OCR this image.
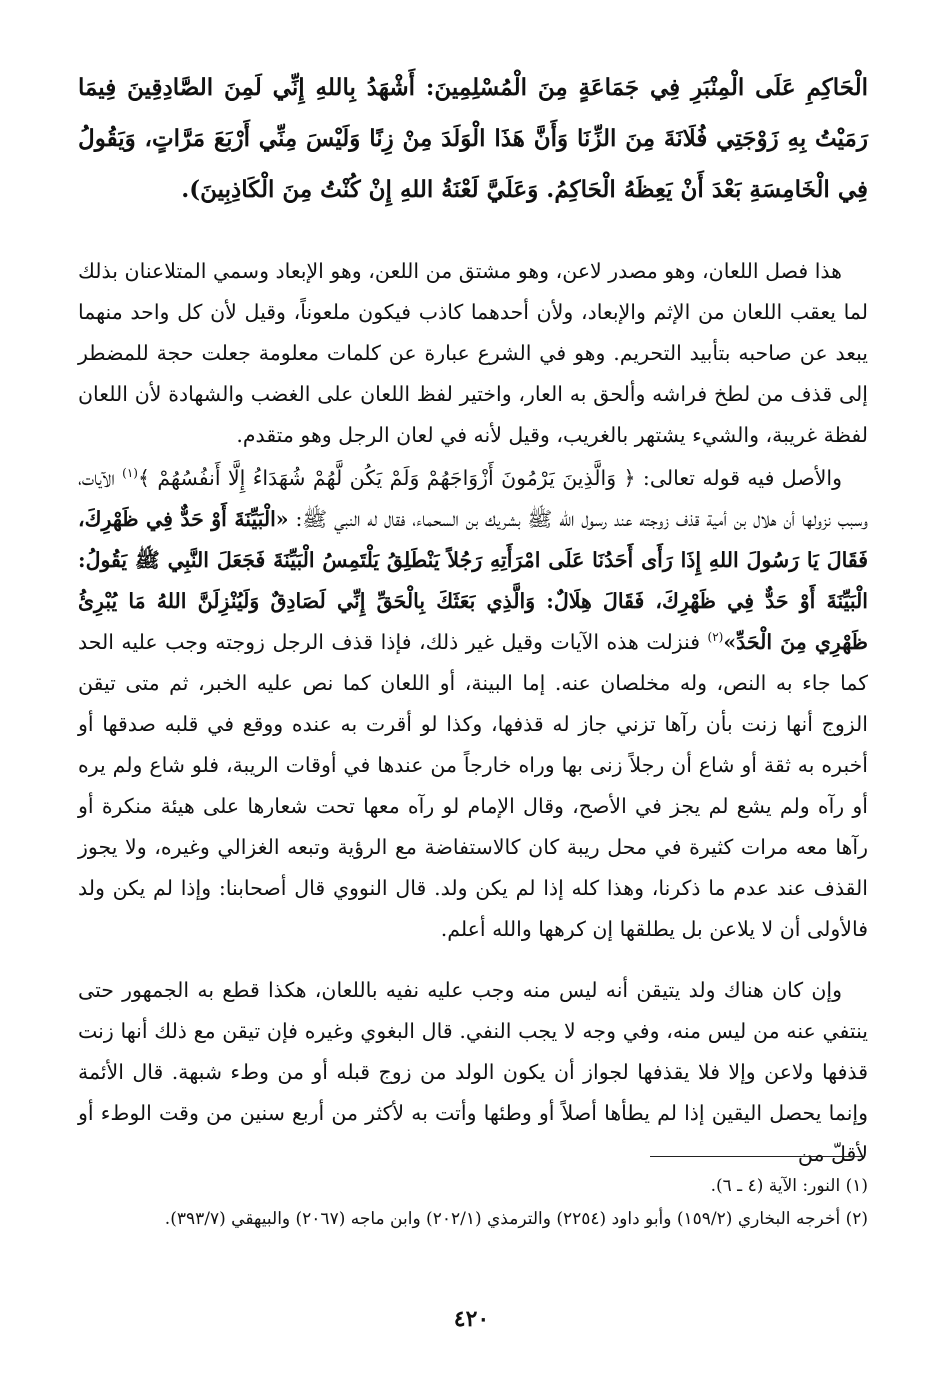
الْحَاكِمِ عَلَى الْمِنْبَرِ فِي جَمَاعَةٍ مِنَ الْمُسْلِمِينَ: أَشْهَدُ بِاللهِ إِنِّي لَمِنَ الصَّادِقِينَ فِيمَا رَمَيْتُ بِهِ زَوْجَتِي فُلَانَةَ مِنَ الزِّنَا وَأَنَّ هَذَا الْوَلَدَ مِنْ زِنًا وَلَيْسَ مِنِّي أَرْبَعَ مَرَّاتٍ، وَيَقُولُ فِي الْخَامِسَةِ بَعْدَ أَنْ يَعِظَهُ الْحَاكِمُ. وَعَلَيَّ لَعْنَةُ اللهِ إِنْ كُنْتُ مِنَ الْكَاذِبِينَ).

هذا فصل اللعان، وهو مصدر لاعن، وهو مشتق من اللعن، وهو الإبعاد وسمي المتلاعنان بذلك لما يعقب اللعان من الإثم والإبعاد، ولأن أحدهما كاذب فيكون ملعوناً، وقيل لأن كل واحد منهما يبعد عن صاحبه بتأبيد التحريم. وهو في الشرع عبارة عن كلمات معلومة جعلت حجة للمضطر إلى قذف من لطخ فراشه وألحق به العار، واختير لفظ اللعان على الغضب والشهادة لأن اللعان لفظة غريبة، والشيء يشتهر بالغريب، وقيل لأنه في لعان الرجل وهو متقدم.

والأصل فيه قوله تعالى: ﴿ وَالَّذِينَ يَرْمُونَ أَزْوَاجَهُمْ وَلَمْ يَكُن لَّهُمْ شُهَدَاءُ إِلَّا أَنفُسُهُمْ ﴾$^{(١)}$ الآيات، وسبب نزولها أن هلال بن أمية قذف زوجته عند رسول الله ﷺ بشريك بن السحماء، فقال له النبي ﷺ: «الْبَيِّنَةَ أَوْ حَدٌّ فِي ظَهْرِكَ، فَقَالَ يَا رَسُولَ اللهِ إِذَا رَأَى أَحَدُنَا عَلَى امْرَأَتِهِ رَجُلاً يَنْطَلِقُ يَلْتَمِسُ الْبَيِّنَةَ فَجَعَلَ النَّبِي ﷺ يَقُولُ: الْبَيِّنَةَ أَوْ حَدٌّ فِي ظَهْرِكَ، فَقَالَ هِلَالٌ: وَالَّذِي بَعَثَكَ بِالْحَقِّ إِنِّي لَصَادِقٌ وَلَيُنْزِلَنَّ اللهُ مَا يُبْرِئُ ظَهْرِي مِنَ الْحَدِّ»$^{(٢)}$ فنزلت هذه الآيات وقيل غير ذلك، فإذا قذف الرجل زوجته وجب عليه الحد كما جاء به النص، وله مخلصان عنه. إما البينة، أو اللعان كما نص عليه الخبر، ثم متى تيقن الزوج أنها زنت بأن رآها تزني جاز له قذفها، وكذا لو أقرت به عنده ووقع في قلبه صدقها أو أخبره به ثقة أو شاع أن رجلاً زنى بها وراه خارجاً من عندها في أوقات الريبة، فلو شاع ولم يره أو رآه ولم يشع لم يجز في الأصح، وقال الإمام لو رآه معها تحت شعارها على هيئة منكرة أو رآها معه مرات كثيرة في محل ريبة كان كالاستفاضة مع الرؤية وتبعه الغزالي وغيره، ولا يجوز القذف عند عدم ما ذكرنا، وهذا كله إذا لم يكن ولد. قال النووي قال أصحابنا: وإذا لم يكن ولد فالأولى أن لا يلاعن بل يطلقها إن كرهها والله أعلم.

وإن كان هناك ولد يتيقن أنه ليس منه وجب عليه نفيه باللعان، هكذا قطع به الجمهور حتى ينتفي عنه من ليس منه، وفي وجه لا يجب النفي. قال البغوي وغيره فإن تيقن مع ذلك أنها زنت قذفها ولاعن وإلا فلا يقذفها لجواز أن يكون الولد من زوج قبله أو من وطء شبهة. قال الأئمة وإنما يحصل اليقين إذا لم يطأها أصلاً أو وطئها وأتت به لأكثر من أربع سنين من وقت الوطء أو لأقلّ من

(١) النور: الآية (٤ ـ ٦).

(٢) أخرجه البخاري (١٥٩/٢) وأبو داود (٢٢٥٤) والترمذي (٢٠٢/١) وابن ماجه (٢٠٦٧) والبيهقي (٣٩٣/٧).

٤٢٠
